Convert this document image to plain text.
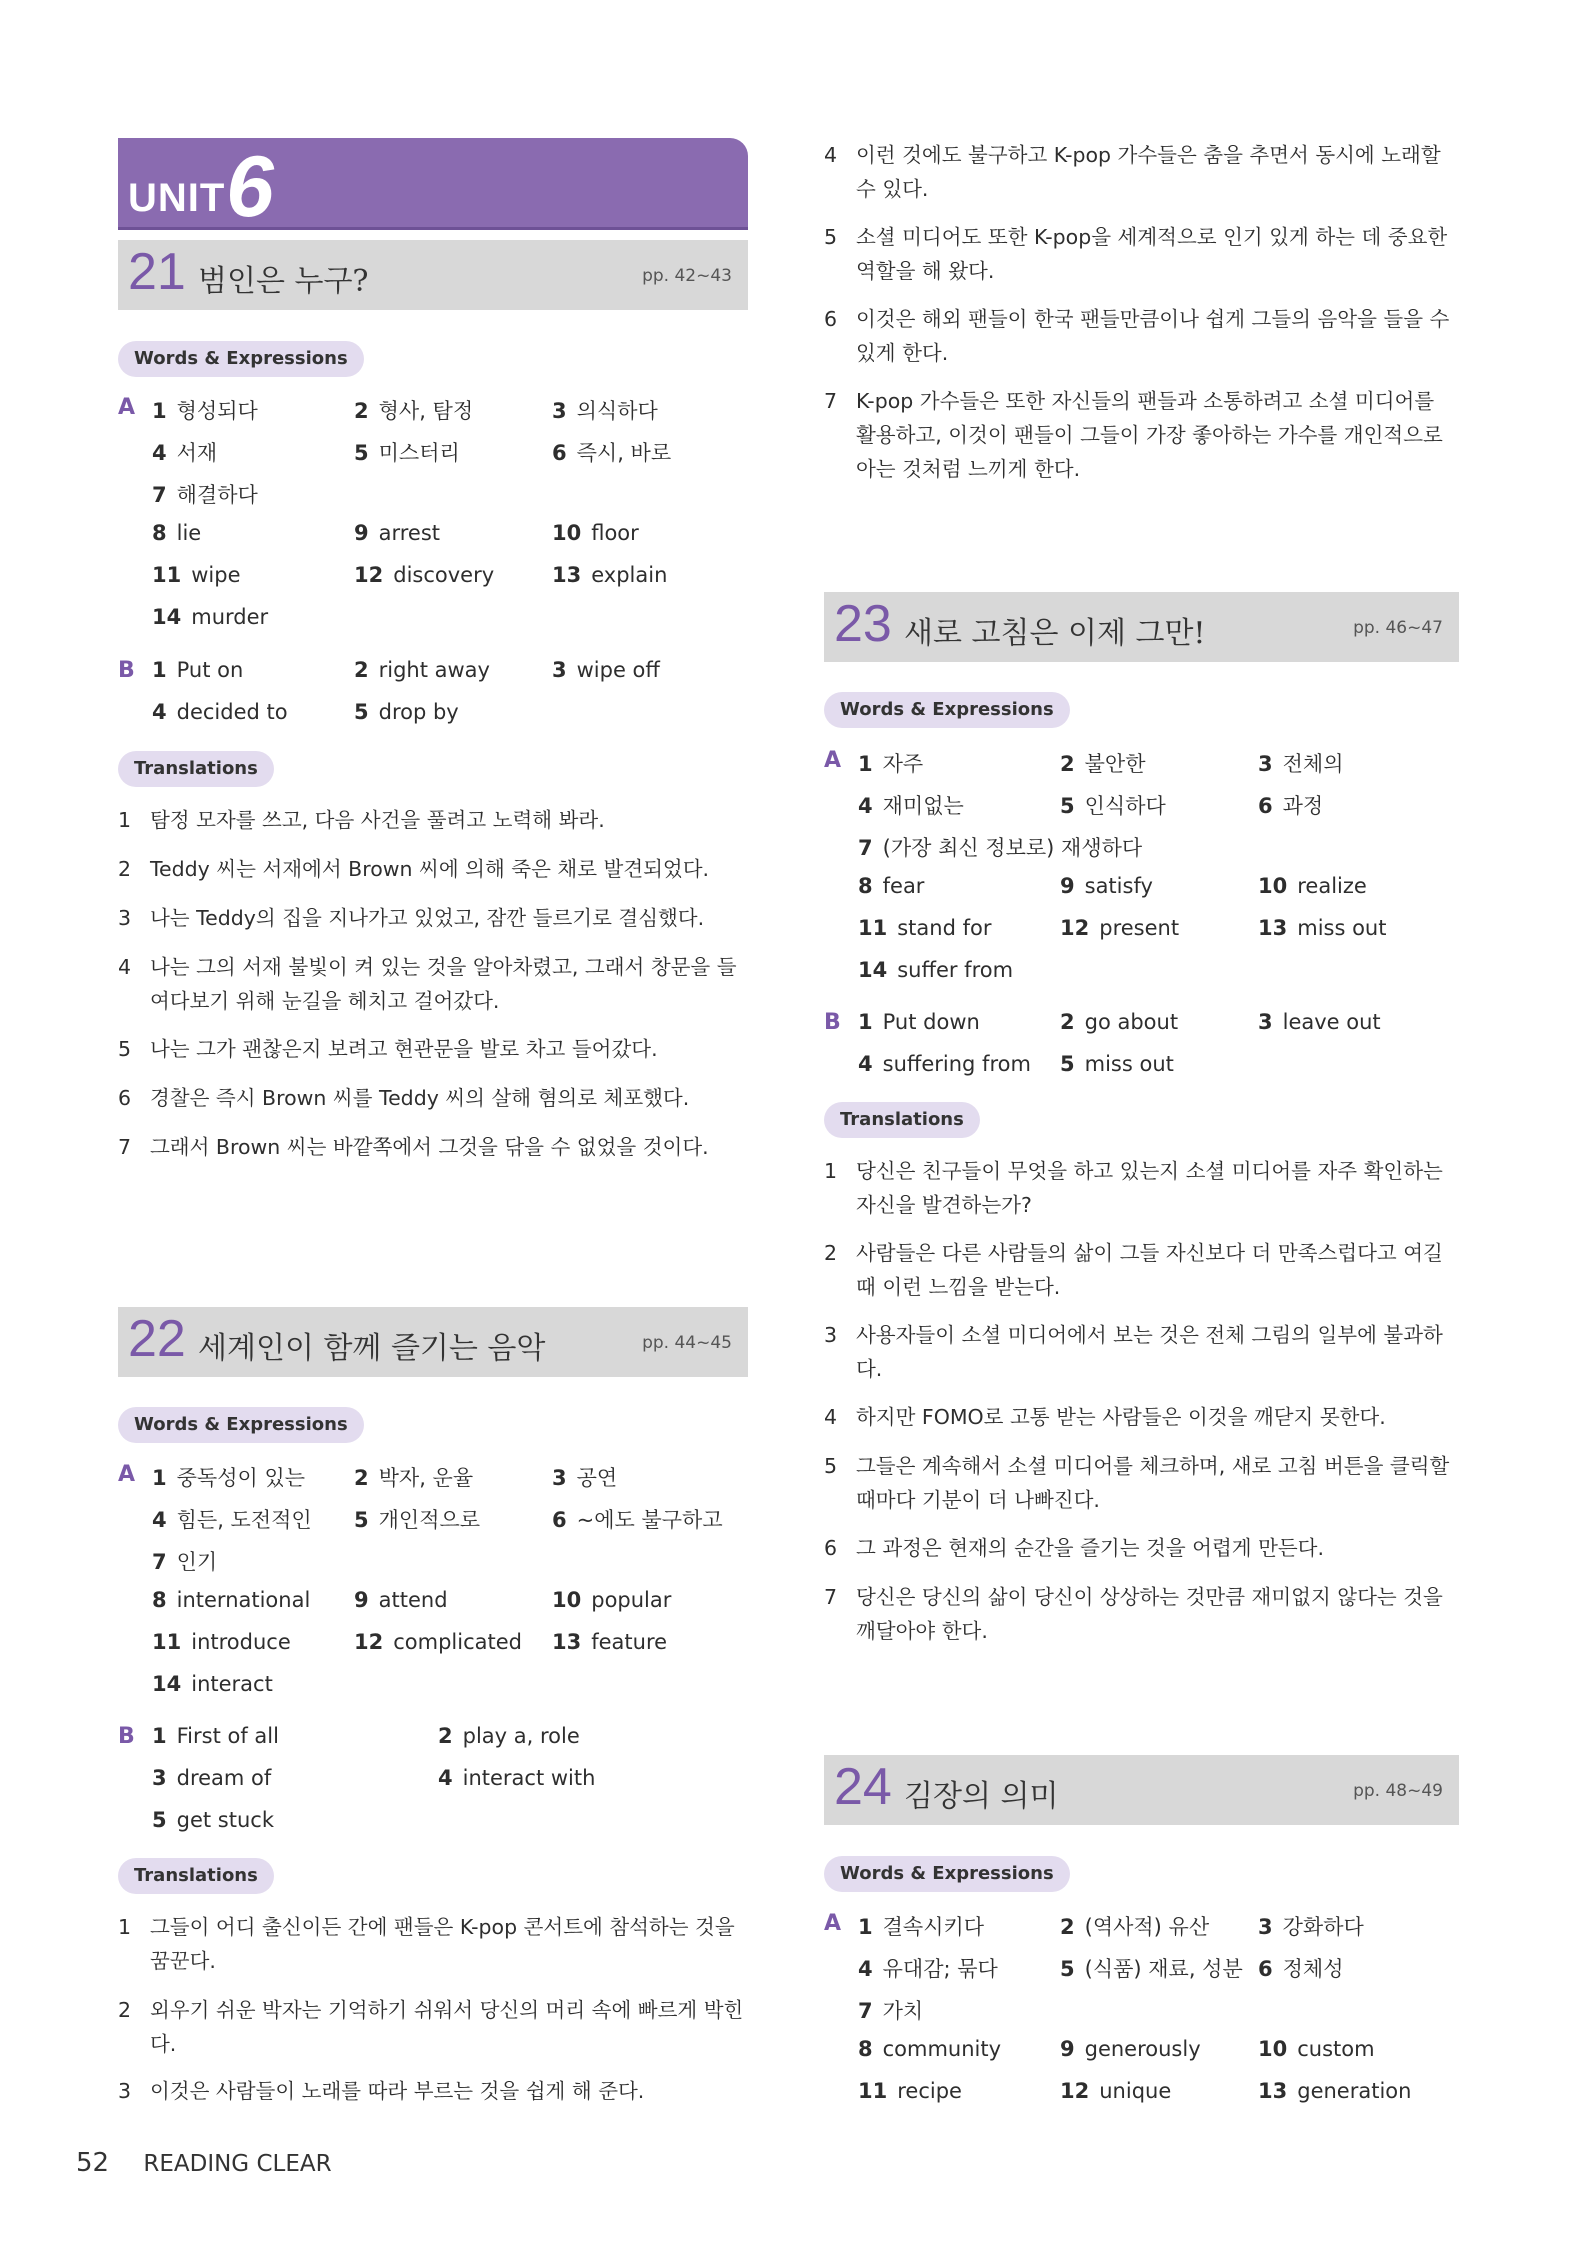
UNIT 6
21 범인은 누구?	pp. 42~43
Words & Expressions
A 1 형성되다	2 형사, 탐정	3 의식하다
4 서재	5 미스터리	6 즉시, 바로
7 해결하다
8 lie	9 arrest	10 floor
11 wipe	12 discovery	13 explain
14 murder
B 1 Put on	2 right away	3 wipe off
4 decided to	5 drop by
Translations
1 탐정 모자를 쓰고, 다음 사건을 풀려고 노력해 봐라.
2 Teddy 씨는 서재에서 Brown 씨에 의해 죽은 채로 발견되었다.
3 나는 Teddy의 집을 지나가고 있었고, 잠깐 들르기로 결심했다.
4 나는 그의 서재 불빛이 켜 있는 것을 알아차렸고, 그래서 창문을 들여다보기 위해 눈길을 헤치고 걸어갔다.
5 나는 그가 괜찮은지 보려고 현관문을 발로 차고 들어갔다.
6 경찰은 즉시 Brown 씨를 Teddy 씨의 살해 혐의로 체포했다.
7 그래서 Brown 씨는 바깥쪽에서 그것을 닦을 수 없었을 것이다.
22 세계인이 함께 즐기는 음악	pp. 44~45
Words & Expressions
A 1 중독성이 있는 2 박자, 운율	3 공연
4 힘든, 도전적인 5 개인적으로	6 ~에도 불구하고
7 인기
8 international 9 attend	10 popular
11 introduce	12 complicated 13 feature
14 interact
B 1 First of all	2 play a, role
3 dream of	4 interact with
5 get stuck
Translations
1 그들이 어디 출신이든 간에 팬들은 K-pop 콘서트에 참석하는 것을 꿈꾼다.
2 외우기 쉬운 박자는 기억하기 쉬워서 당신의 머리 속에 빠르게 박힌다.
3 이것은 사람들이 노래를 따라 부르는 것을 쉽게 해 준다.
4 이런 것에도 불구하고 K-pop 가수들은 춤을 추면서 동시에 노래할 수 있다.
5 소셜 미디어도 또한 K-pop을 세계적으로 인기 있게 하는 데 중요한 역할을 해 왔다.
6 이것은 해외 팬들이 한국 팬들만큼이나 쉽게 그들의 음악을 들을 수 있게 한다.
7 K-pop 가수들은 또한 자신들의 팬들과 소통하려고 소셜 미디어를 활용하고, 이것이 팬들이 그들이 가장 좋아하는 가수를 개인적으로 아는 것처럼 느끼게 한다.
23 새로 고침은 이제 그만!	pp. 46~47
Words & Expressions
A 1 자주	2 불안한	3 전체의
4 재미없는	5 인식하다	6 과정
7 (가장 최신 정보로) 재생하다
8 fear	9 satisfy	10 realize
11 stand for	12 present	13 miss out
14 suffer from
B 1 Put down	2 go about	3 leave out
4 suffering from 5 miss out
Translations
1 당신은 친구들이 무엇을 하고 있는지 소셜 미디어를 자주 확인하는 자신을 발견하는가?
2 사람들은 다른 사람들의 삶이 그들 자신보다 더 만족스럽다고 여길 때 이런 느낌을 받는다.
3 사용자들이 소셜 미디어에서 보는 것은 전체 그림의 일부에 불과하다.
4 하지만 FOMO로 고통 받는 사람들은 이것을 깨닫지 못한다.
5 그들은 계속해서 소셜 미디어를 체크하며, 새로 고침 버튼을 클릭할 때마다 기분이 더 나빠진다.
6 그 과정은 현재의 순간을 즐기는 것을 어렵게 만든다.
7 당신은 당신의 삶이 당신이 상상하는 것만큼 재미없지 않다는 것을 깨달아야 한다.
24 김장의 의미	pp. 48~49
Words & Expressions
A 1 결속시키다	2 (역사적) 유산 3 강화하다
4 유대감; 묶다	5 (식품) 재료, 성분 6 정체성
7 가치
8 community	9 generously	10 custom
11 recipe	12 unique	13 generation
52 READING CLEAR
